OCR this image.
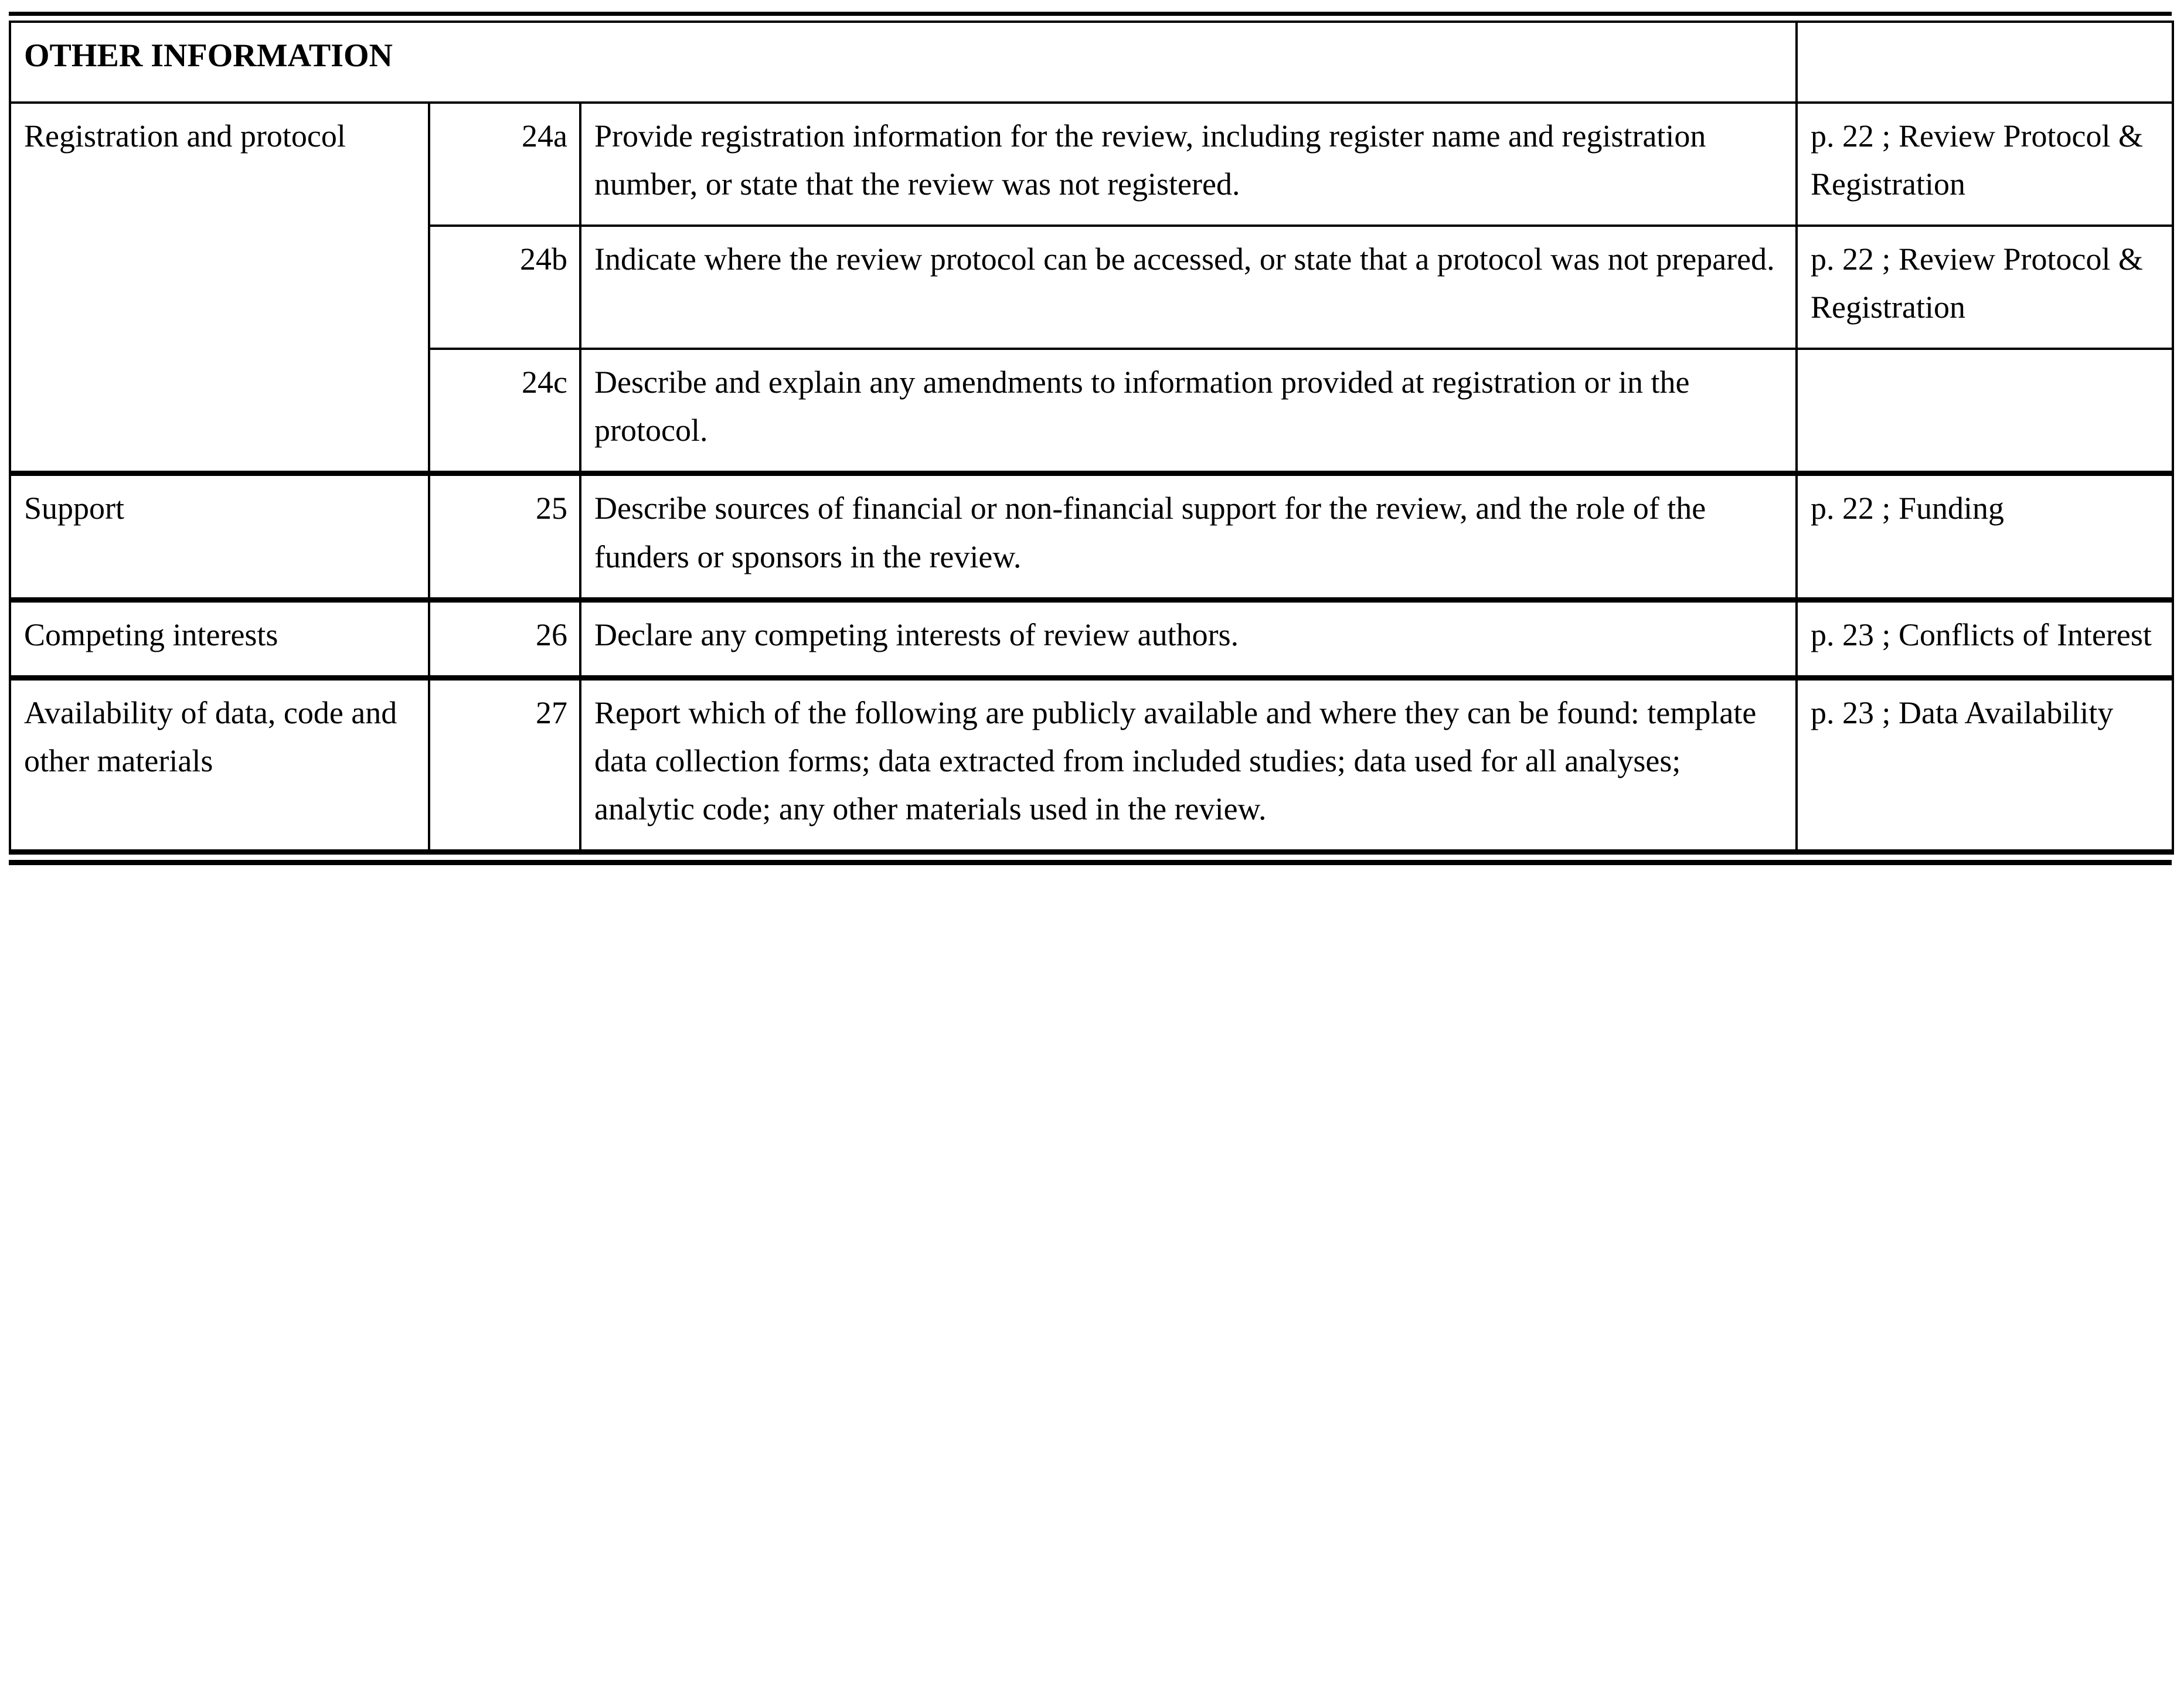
OTHER INFORMATION			
Registration and protocol	24a	Provide registration information for the review, including register name and registration number, or state that the review was not registered.	p. 22 ; Review Protocol & Registration
	24b	Indicate where the review protocol can be accessed, or state that a protocol was not prepared.	p. 22 ; Review Protocol & Registration
	24c	Describe and explain any amendments to information provided at registration or in the protocol.	
Support	25	Describe sources of financial or non-financial support for the review, and the role of the funders or sponsors in the review.	p. 22 ; Funding
Competing interests	26	Declare any competing interests of review authors.	p. 23 ; Conflicts of Interest
Availability of data, code and other materials	27	Report which of the following are publicly available and where they can be found: template data collection forms; data extracted from included studies; data used for all analyses; analytic code; any other materials used in the review.	p. 23 ; Data Availability
